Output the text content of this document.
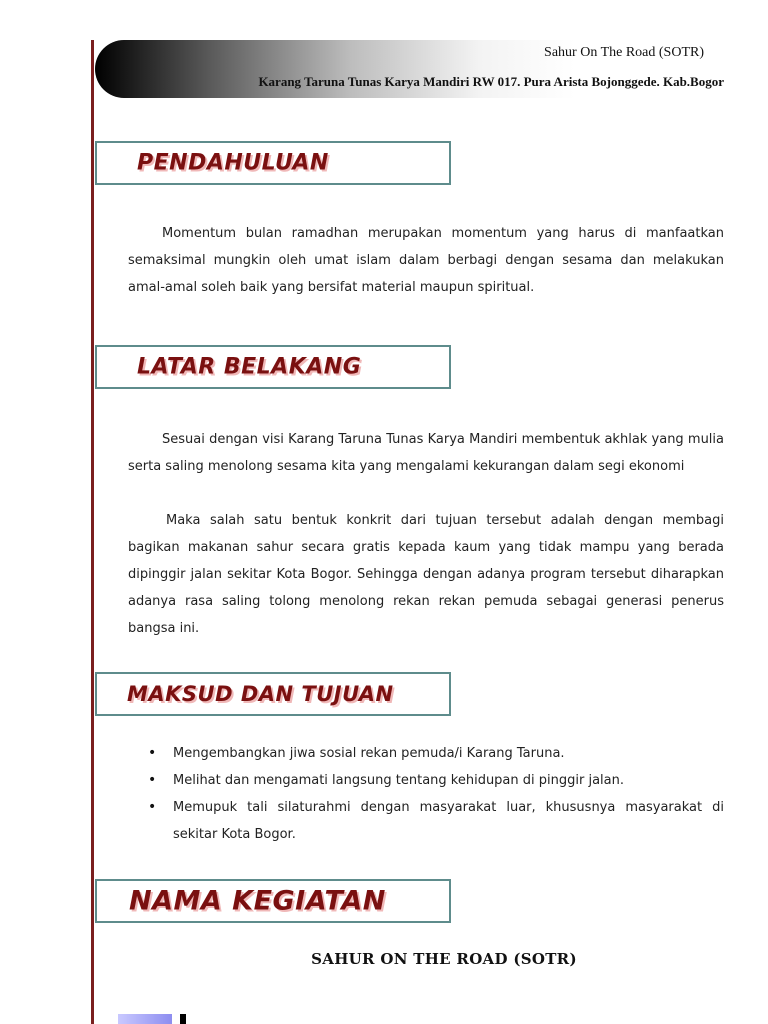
Sahur On The Road (SOTR)
Karang Taruna Tunas Karya Mandiri RW 017. Pura Arista Bojonggede. Kab.Bogor
PENDAHULUAN

Momentum bulan ramadhan merupakan momentum yang harus di manfaatkan semaksimal mungkin oleh umat islam dalam berbagi dengan sesama dan melakukan amal-amal soleh baik yang bersifat material maupun spiritual.

LATAR BELAKANG

Sesuai dengan visi Karang Taruna Tunas Karya Mandiri membentuk akhlak yang mulia serta saling menolong sesama kita yang mengalami kekurangan dalam segi ekonomi

Maka salah satu bentuk konkrit dari tujuan tersebut adalah dengan membagi bagikan makanan sahur secara gratis kepada kaum yang tidak mampu yang berada dipinggir jalan sekitar Kota Bogor. Sehingga dengan adanya program tersebut diharapkan adanya rasa saling tolong menolong rekan rekan pemuda sebagai generasi penerus bangsa ini.

MAKSUD DAN TUJUAN
• Mengembangkan jiwa sosial rekan pemuda/i Karang Taruna.
• Melihat dan mengamati langsung tentang kehidupan di pinggir jalan.
• Memupuk tali silaturahmi dengan masyarakat luar, khususnya masyarakat di sekitar Kota Bogor.
NAMA KEGIATAN
SAHUR ON THE ROAD (SOTR)
